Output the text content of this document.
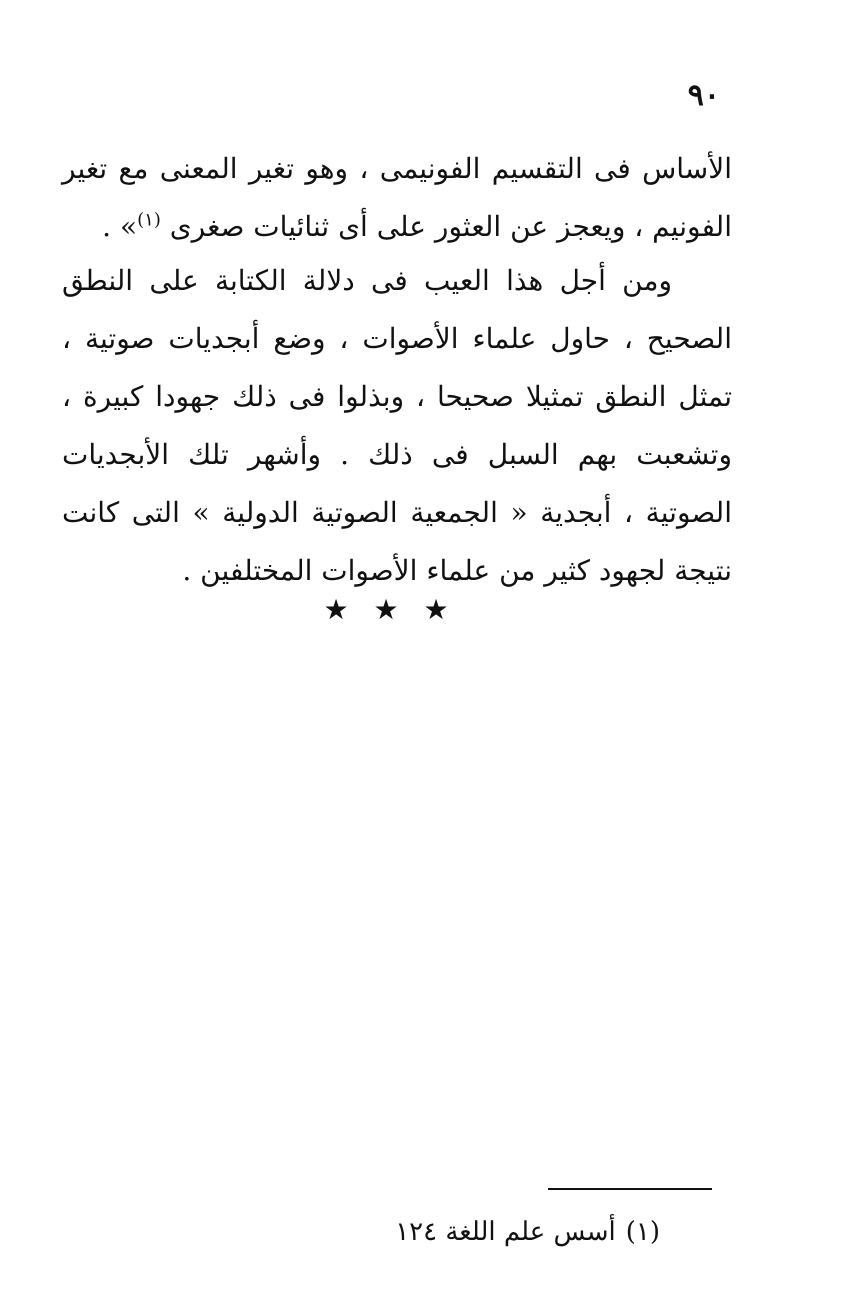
٩٠
الأساس فى التقسيم الفونيمى ، وهو تغير المعنى مع تغير الفونيم ، ويعجز عن العثور على أى ثنائيات صغرى $^{(١)}$» .
ومن أجل هذا العيب فى دلالة الكتابة على النطق الصحيح ، حاول علماء الأصوات ، وضع أبجديات صوتية ، تمثل النطق تمثيلا صحيحا ، وبذلوا فى ذلك جهودا كبيرة ، وتشعبت بهم السبل فى ذلك . وأشهر تلك الأبجديات الصوتية ، أبجدية « الجمعية الصوتية الدولية » التى كانت نتيجة لجهود كثير من علماء الأصوات المختلفين .
★ ★ ★
(١)أسس علم اللغة ١٢٤
